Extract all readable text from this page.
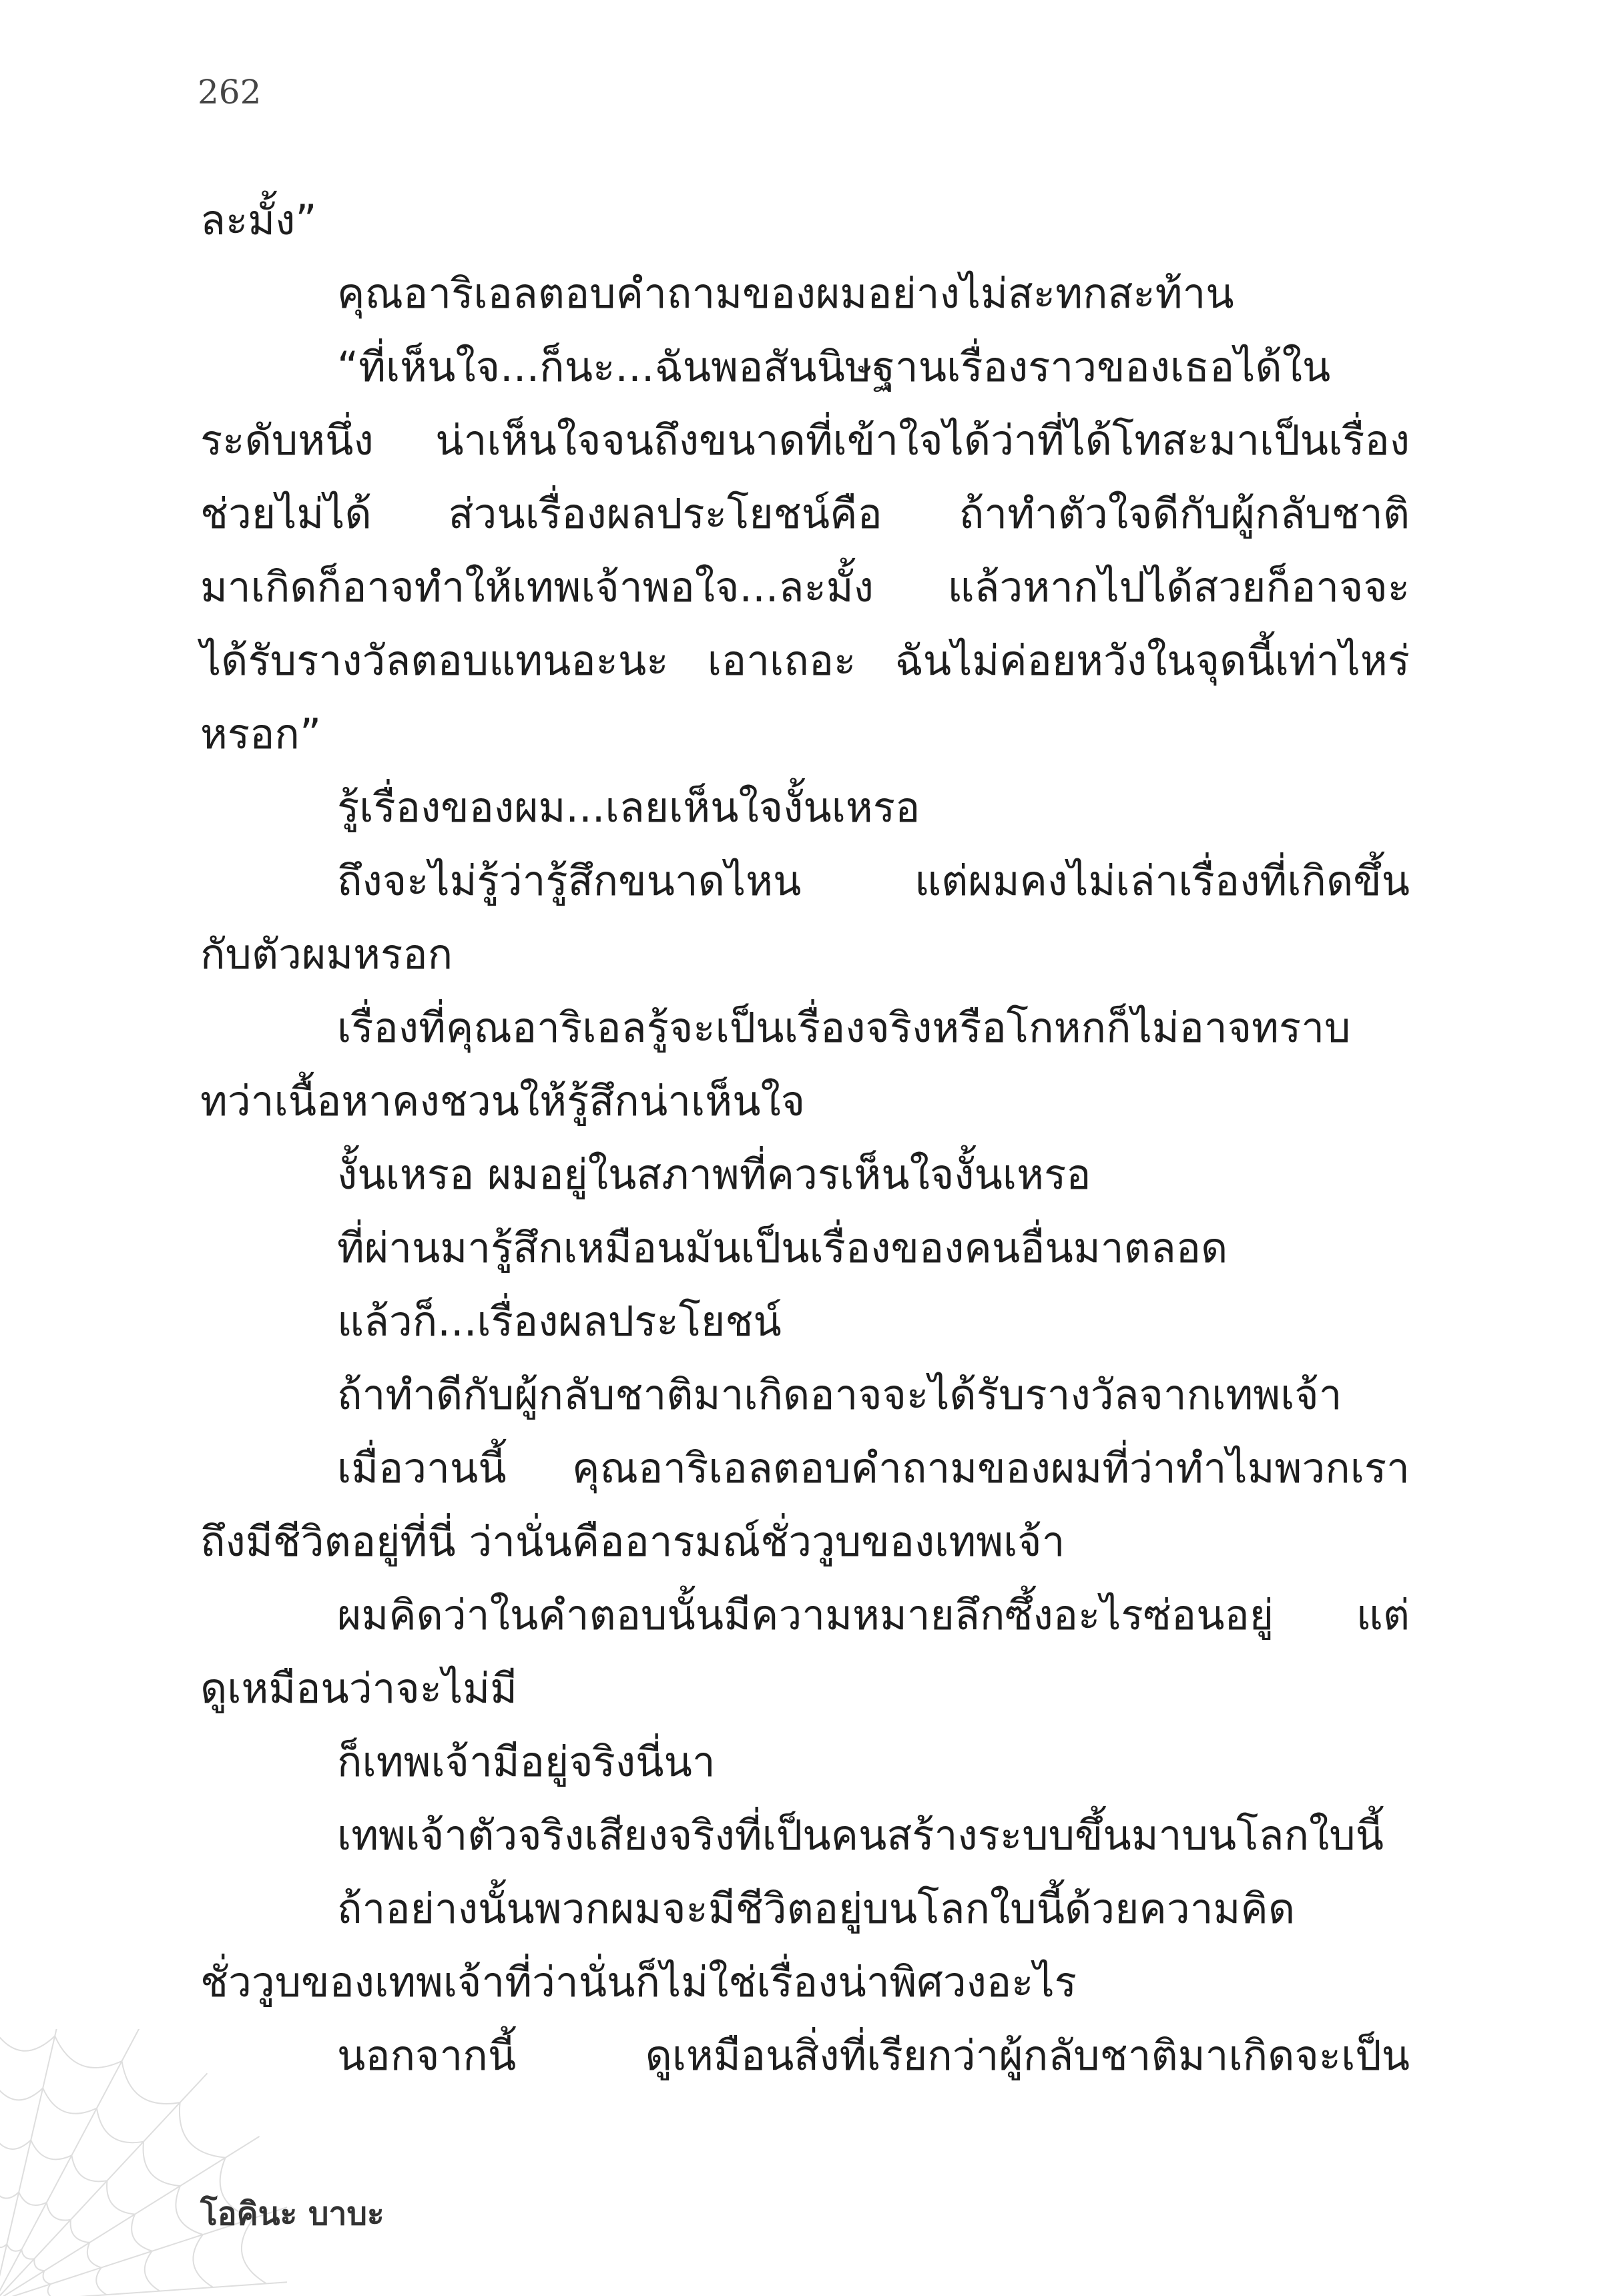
262
ละมั้ง”
คุณอาริเอลตอบคำถามของผมอย่างไม่สะทกสะท้าน
“ที่เห็นใจ...ก็นะ...ฉันพอสันนิษฐานเรื่องราวของเธอได้ใน
ระดับหนึ่ง น่าเห็นใจจนถึงขนาดที่เข้าใจได้ว่าที่ได้โทสะมาเป็นเรื่อง
ช่วยไม่ได้ ส่วนเรื่องผลประโยชน์คือ ถ้าทำตัวใจดีกับผู้กลับชาติ
มาเกิดก็อาจทำให้เทพเจ้าพอใจ...ละมั้ง แล้วหากไปได้สวยก็อาจจะ
ได้รับรางวัลตอบแทนอะนะ เอาเถอะ ฉันไม่ค่อยหวังในจุดนี้เท่าไหร่
หรอก”
รู้เรื่องของผม...เลยเห็นใจงั้นเหรอ
ถึงจะไม่รู้ว่ารู้สึกขนาดไหน แต่ผมคงไม่เล่าเรื่องที่เกิดขึ้น
กับตัวผมหรอก
เรื่องที่คุณอาริเอลรู้จะเป็นเรื่องจริงหรือโกหกก็ไม่อาจทราบ
ทว่าเนื้อหาคงชวนให้รู้สึกน่าเห็นใจ
งั้นเหรอ ผมอยู่ในสภาพที่ควรเห็นใจงั้นเหรอ
ที่ผ่านมารู้สึกเหมือนมันเป็นเรื่องของคนอื่นมาตลอด
แล้วก็...เรื่องผลประโยชน์
ถ้าทำดีกับผู้กลับชาติมาเกิดอาจจะได้รับรางวัลจากเทพเจ้า
เมื่อวานนี้ คุณอาริเอลตอบคำถามของผมที่ว่าทำไมพวกเรา
ถึงมีชีวิตอยู่ที่นี่ ว่านั่นคืออารมณ์ชั่ววูบของเทพเจ้า
ผมคิดว่าในคำตอบนั้นมีความหมายลึกซึ้งอะไรซ่อนอยู่ แต่
ดูเหมือนว่าจะไม่มี
ก็เทพเจ้ามีอยู่จริงนี่นา
เทพเจ้าตัวจริงเสียงจริงที่เป็นคนสร้างระบบขึ้นมาบนโลกใบนี้
ถ้าอย่างนั้นพวกผมจะมีชีวิตอยู่บนโลกใบนี้ด้วยความคิด
ชั่ววูบของเทพเจ้าที่ว่านั่นก็ไม่ใช่เรื่องน่าพิศวงอะไร
นอกจากนี้ ดูเหมือนสิ่งที่เรียกว่าผู้กลับชาติมาเกิดจะเป็น
โอคินะ บาบะ
